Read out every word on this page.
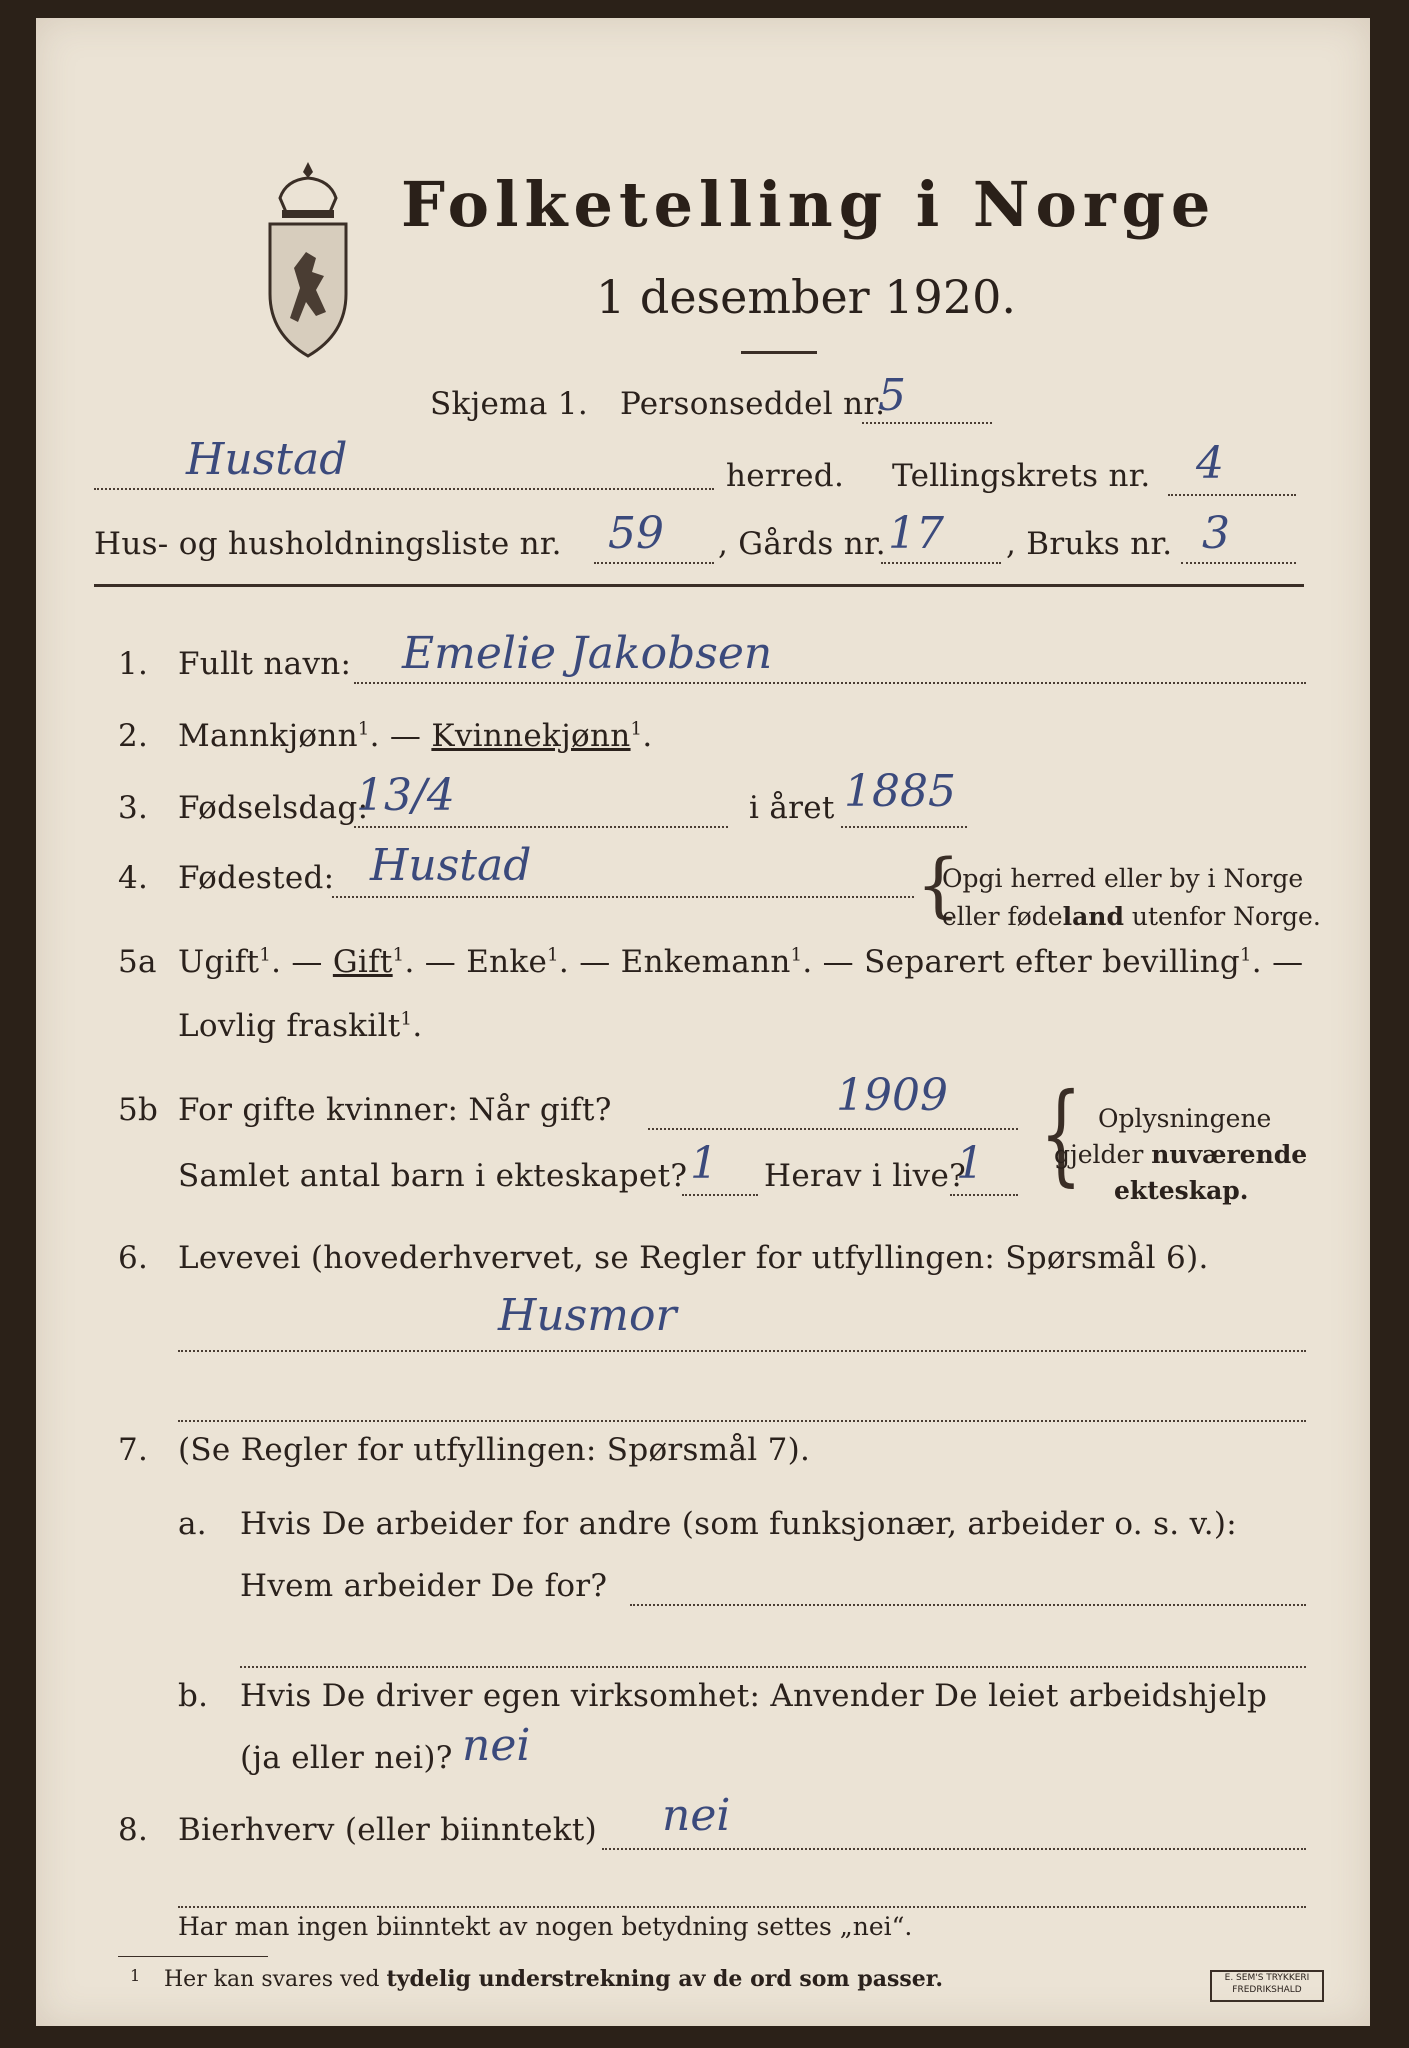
Folketelling i Norge
1 desember 1920.
Skjema 1. Personseddel nr.
5
Hustad	herred. Tellingskrets nr. 4
Hus- og husholdningsliste nr. 59 , Gårds nr. 17 , Bruks nr. 3
1. Fullt navn: Emelie Jakobsen
2. Mannkjønn$^1$. — Kvinnekjønn$^1$.
3. Fødselsdag:
13/4	i året 1885
4. Fødested: Hustad	{
Opgi herred eller by i Norge
eller fødeland utenfor Norge.
5a Ugift$^1$. — Gift$^1$. — Enke$^1$. — Enkemann$^1$. — Separert efter bevilling$^1$. —
Lovlig fraskilt$^1$.
5b For gifte kvinner: Når gift?	1909
Samlet antal barn i ekteskapet? 1 Herav i live?
1 { Oplysningene
gjelder nuværende
ekteskap.
6. Levevei (hovederhvervet, se Regler for utfyllingen: Spørsmål 6).
Husmor
7. (Se Regler for utfyllingen: Spørsmål 7).
a. Hvis De arbeider for andre (som funksjonær, arbeider o. s. v.):
Hvem arbeider De for?
b. Hvis De driver egen virksomhet: Anvender De leiet arbeidshjelp
(ja eller nei)? nei
8. Bierhverv (eller biinntekt) nei
Har man ingen biinntekt av nogen betydning settes „nei“.
1 Her kan svares ved tydelig understrekning av de ord som passer.	E. SEM'S TRYKKERI FREDRIKSHALD
